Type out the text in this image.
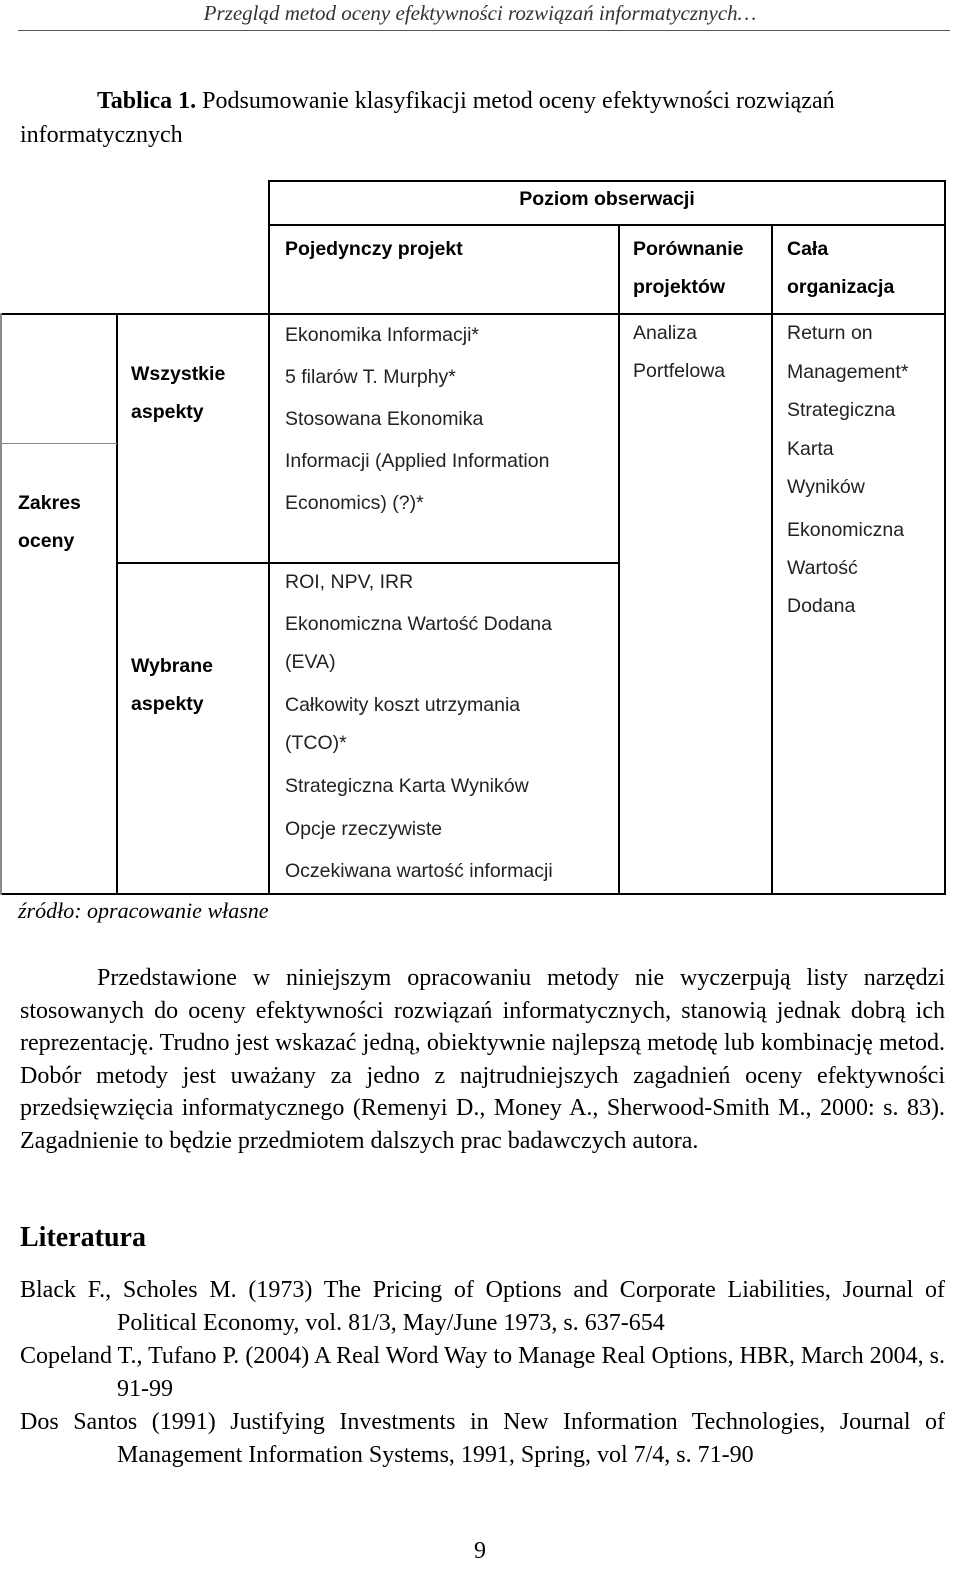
Przegląd metod oceny efektywności rozwiązań informatycznych…
Tablica 1. Podsumowanie klasyfikacji metod oceny efektywności rozwiązań informatycznych
Poziom obserwacji
Pojedynczy projekt	Porównanie
projektów
Cała
organizacja
Zakres
oceny
Wszystkie
aspekty
Wybrane
aspekty
Ekonomika Informacji*
5 filarów T. Murphy*
Stosowana Ekonomika
Informacji (Applied Information
Economics) (?)*
Analiza
Portfelowa
Return on
Management*
Strategiczna
Karta
Wyników
Ekonomiczna
Wartość
Dodana
ROI, NPV, IRR
Ekonomiczna Wartość Dodana
(EVA)
Całkowity koszt utrzymania
(TCO)*
Strategiczna Karta Wyników
Opcje rzeczywiste
Oczekiwana wartość informacji
źródło: opracowanie własne
Przedstawione w niniejszym opracowaniu metody nie wyczerpują listy narzędzi stosowanych do oceny efektywności rozwiązań informatycznych, stanowią jednak dobrą ich reprezentację. Trudno jest wskazać jedną, obiektywnie najlepszą metodę lub kombinację metod. Dobór metody jest uważany za jedno z najtrudniejszych zagadnień oceny efektywności przedsięwzięcia informatycznego (Remenyi D., Money A., Sherwood-Smith M., 2000: s. 83). Zagadnienie to będzie przedmiotem dalszych prac badawczych autora.
Literatura
Black F., Scholes M. (1973) The Pricing of Options and Corporate Liabilities, Journal of Political Economy, vol. 81/3, May/June 1973, s. 637-654
Copeland T., Tufano P. (2004) A Real Word Way to Manage Real Options, HBR, March 2004, s. 91-99
Dos Santos (1991) Justifying Investments in New Information Technologies, Journal of Management Information Systems, 1991, Spring, vol 7/4, s. 71-90
9
